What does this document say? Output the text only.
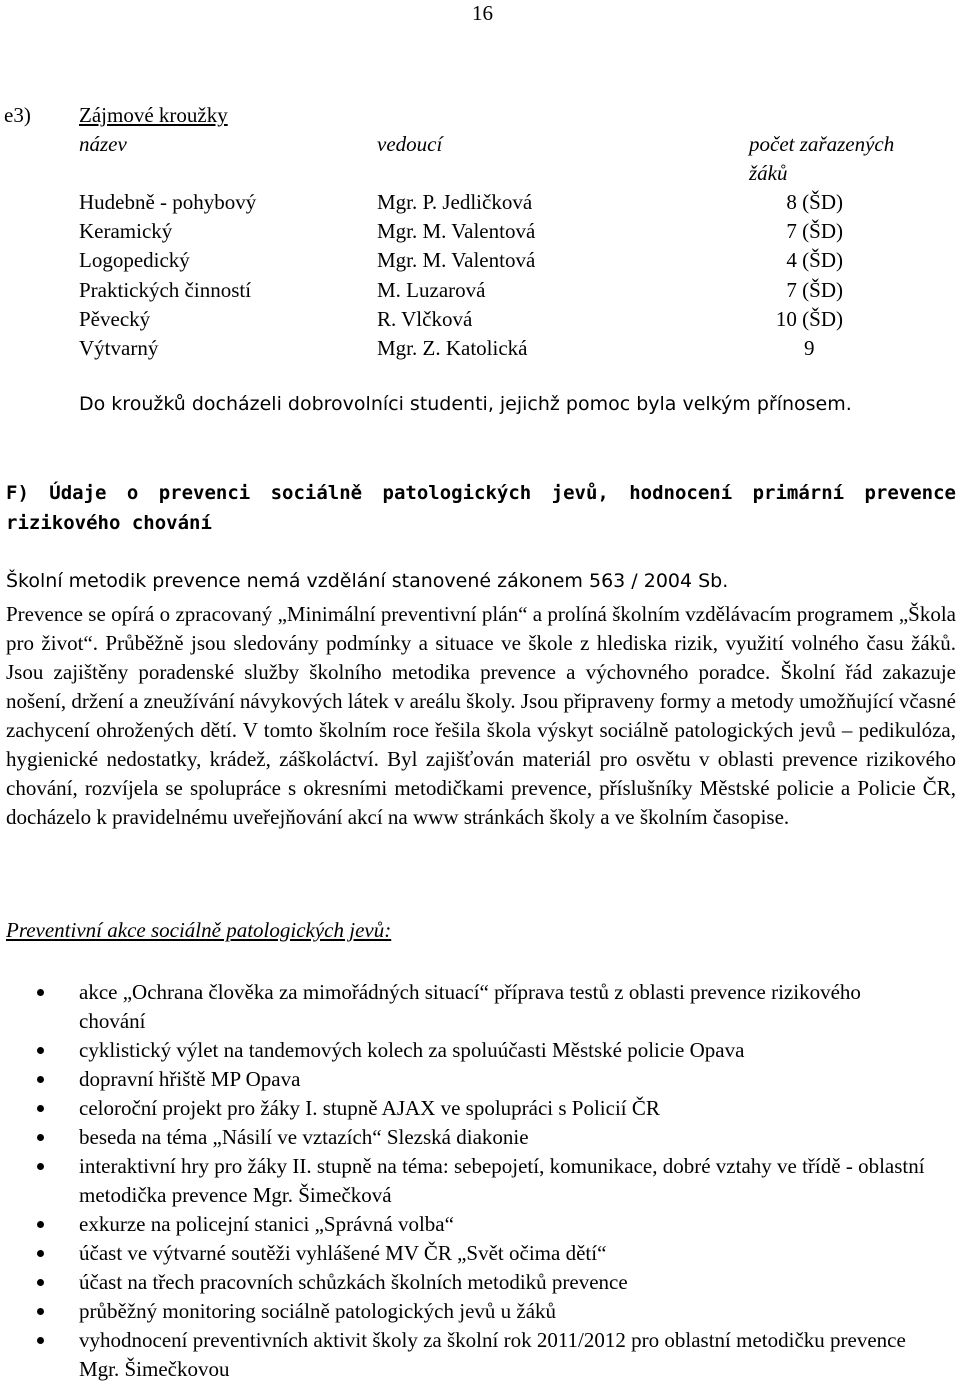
16
e3) Zájmové kroužky
název	vedoucí	počet zařazených
žáků
Hudebně - pohybový	Mgr. P. Jedličková	8 (ŠD)
Keramický	Mgr. M. Valentová	7 (ŠD)
Logopedický	Mgr. M. Valentová	4 (ŠD)
Praktických činností	M. Luzarová	7 (ŠD)
Pěvecký	R. Vlčková	10 (ŠD)
Výtvarný	Mgr. Z. Katolická	9
Do kroužků docházeli dobrovolníci studenti, jejichž pomoc byla velkým přínosem.
F) Údaje o prevenci sociálně patologických jevů, hodnocení primární prevence
rizikového chování
Školní metodik prevence nemá vzdělání stanovené zákonem 563 / 2004 Sb.
Prevence se opírá o zpracovaný „Minimální preventivní plán“ a prolíná školním vzdělávacím programem „Škola pro život“. Průběžně jsou sledovány podmínky a situace ve škole z hlediska rizik, využití volného času žáků. Jsou zajištěny poradenské služby školního metodika prevence a výchovného poradce. Školní řád zakazuje nošení, držení a zneužívání návykových látek v areálu školy. Jsou připraveny formy a metody umožňující včasné zachycení ohrožených dětí. V tomto školním roce řešila škola výskyt sociálně patologických jevů – pedikulóza, hygienické nedostatky, krádež, záškoláctví. Byl zajišťován materiál pro osvětu v oblasti prevence rizikového chování, rozvíjela se spolupráce s okresními metodičkami prevence, příslušníky Městské policie a Policie ČR, docházelo k pravidelnému uveřejňování akcí na www stránkách školy a ve školním časopise.
Preventivní akce sociálně patologických jevů:
akce „Ochrana člověka za mimořádných situací“ příprava testů z oblasti prevence rizikového chování
cyklistický výlet na tandemových kolech za spoluúčasti Městské policie Opava
dopravní hřiště MP Opava
celoroční projekt pro žáky I. stupně AJAX ve spolupráci s Policií ČR
beseda na téma „Násilí ve vztazích“ Slezská diakonie
interaktivní hry pro žáky II. stupně na téma: sebepojetí, komunikace, dobré vztahy ve třídě - oblastní metodička prevence Mgr. Šimečková
exkurze na policejní stanici „Správná volba“
účast ve výtvarné soutěži vyhlášené MV ČR „Svět očima dětí“
účast na třech pracovních schůzkách školních metodiků prevence
průběžný monitoring sociálně patologických jevů u žáků
vyhodnocení preventivních aktivit školy za školní rok 2011/2012 pro oblastní metodičku prevence Mgr. Šimečkovou
